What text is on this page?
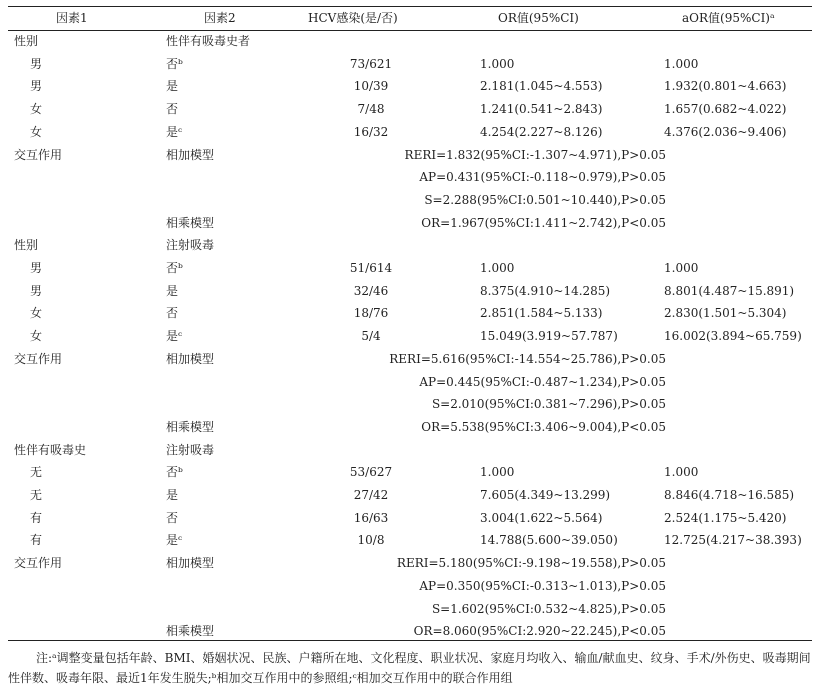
因素1	因素2	HCV感染(是/否)	OR值(95%CI)	aOR值(95%CI)ᵃ
性别	性伴有吸毒史者
男	否ᵇ	73/621	1.000	1.000
男	是	10/39	2.181(1.045~4.553)	1.932(0.801~4.663)
女	否	7/48	1.241(0.541~2.843)	1.657(0.682~4.022)
女	是ᶜ	16/32	4.254(2.227~8.126)	4.376(2.036~9.406)
交互作用	相加模型	RERI=1.832(95%CI:-1.307~4.971),P>0.05
AP=0.431(95%CI:-0.118~0.979),P>0.05
S=2.288(95%CI:0.501~10.440),P>0.05
相乘模型	OR=1.967(95%CI:1.411~2.742),P<0.05
性别	注射吸毒
男	否ᵇ	51/614	1.000	1.000
男	是	32/46	8.375(4.910~14.285)	8.801(4.487~15.891)
女	否	18/76	2.851(1.584~5.133)	2.830(1.501~5.304)
女	是ᶜ	5/4	15.049(3.919~57.787)	16.002(3.894~65.759)
交互作用	相加模型	RERI=5.616(95%CI:-14.554~25.786),P>0.05
AP=0.445(95%CI:-0.487~1.234),P>0.05
S=2.010(95%CI:0.381~7.296),P>0.05
相乘模型	OR=5.538(95%CI:3.406~9.004),P<0.05
性伴有吸毒史	注射吸毒
无	否ᵇ	53/627	1.000	1.000
无	是	27/42	7.605(4.349~13.299)	8.846(4.718~16.585)
有	否	16/63	3.004(1.622~5.564)	2.524(1.175~5.420)
有	是ᶜ	10/8	14.788(5.600~39.050)	12.725(4.217~38.393)
交互作用	相加模型	RERI=5.180(95%CI:-9.198~19.558),P>0.05
AP=0.350(95%CI:-0.313~1.013),P>0.05
S=1.602(95%CI:0.532~4.825),P>0.05
相乘模型	OR=8.060(95%CI:2.920~22.245),P<0.05
注:ᵃ调整变量包括年龄、BMI、婚姻状况、民族、户籍所在地、文化程度、职业状况、家庭月均收入、输血/献血史、纹身、手术/外伤史、吸毒期间性伴数、吸毒年限、最近1年发生脱失;ᵇ相加交互作用中的参照组;ᶜ相加交互作用中的联合作用组
